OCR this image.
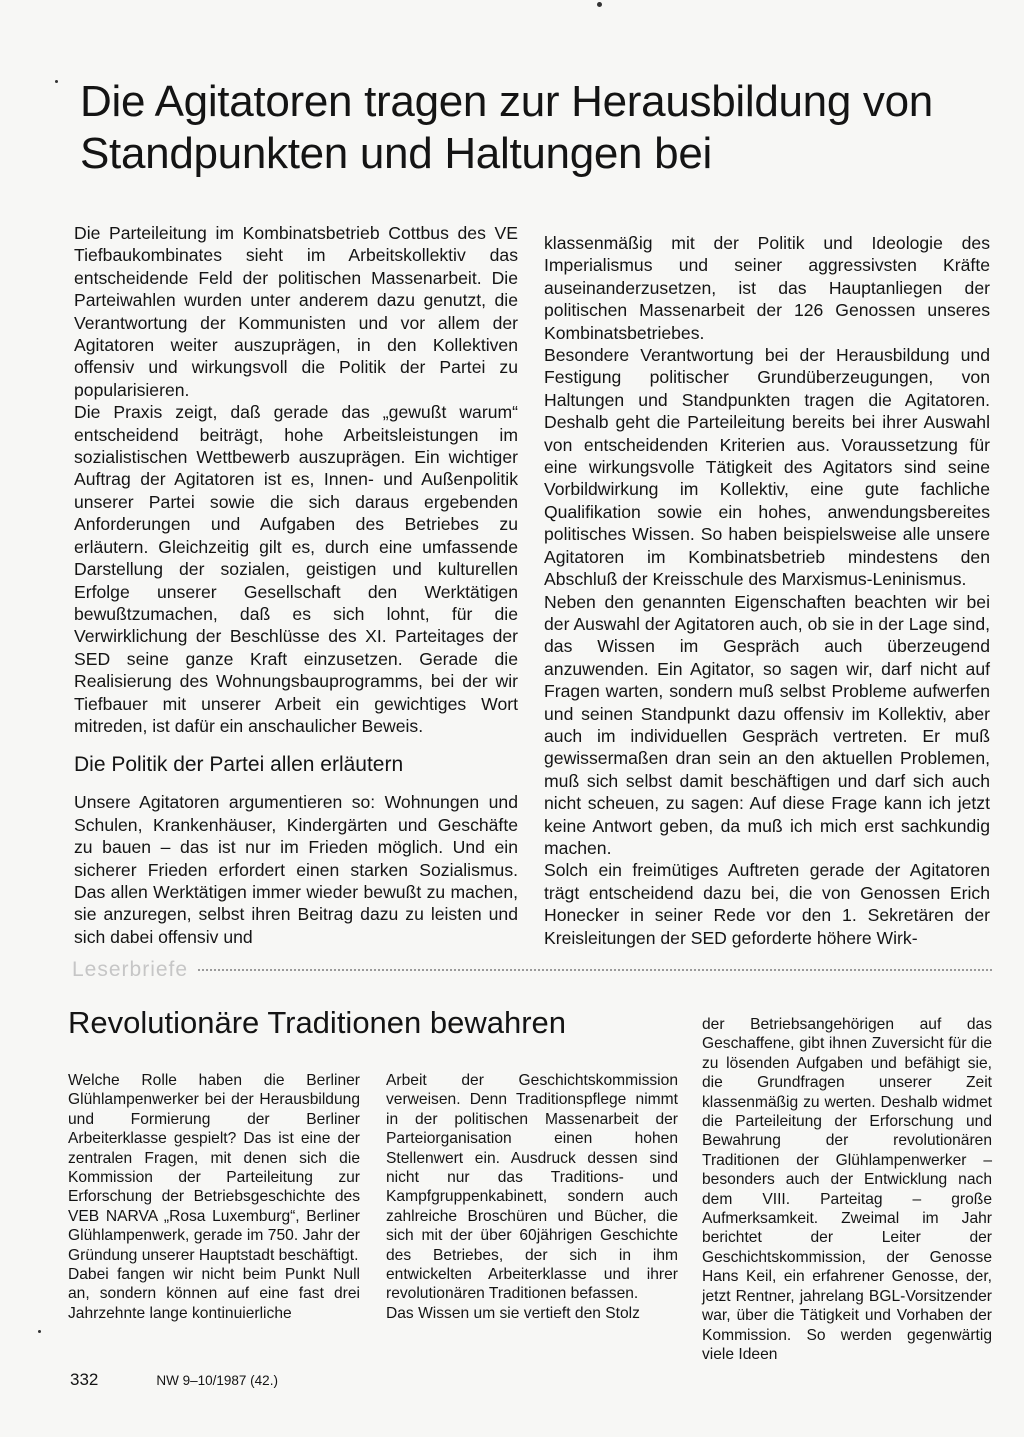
Die Agitatoren tragen zur Herausbildung von Standpunkten und Haltungen bei

Die Parteileitung im Kombinatsbetrieb Cottbus des VE Tiefbaukombinates sieht im Arbeitskollektiv das entscheidende Feld der politischen Massenarbeit. Die Parteiwahlen wurden unter anderem dazu genutzt, die Verantwortung der Kommunisten und vor allem der Agitatoren weiter auszuprägen, in den Kollektiven offensiv und wirkungsvoll die Politik der Partei zu popularisieren.

Die Praxis zeigt, daß gerade das „gewußt warum“ entscheidend beiträgt, hohe Arbeitsleistungen im sozialistischen Wettbewerb auszuprägen. Ein wichtiger Auftrag der Agitatoren ist es, Innen- und Außenpolitik unserer Partei sowie die sich daraus ergebenden Anforderungen und Aufgaben des Betriebes zu erläutern. Gleichzeitig gilt es, durch eine umfassende Darstellung der sozialen, geistigen und kulturellen Erfolge unserer Gesellschaft den Werktätigen bewußtzumachen, daß es sich lohnt, für die Verwirklichung der Beschlüsse des XI. Parteitages der SED seine ganze Kraft einzusetzen. Gerade die Realisierung des Wohnungsbauprogramms, bei der wir Tiefbauer mit unserer Arbeit ein gewichtiges Wort mitreden, ist dafür ein anschaulicher Beweis.

Die Politik der Partei allen erläutern

Unsere Agitatoren argumentieren so: Wohnungen und Schulen, Krankenhäuser, Kindergärten und Geschäfte zu bauen – das ist nur im Frieden möglich. Und ein sicherer Frieden erfordert einen starken Sozialismus. Das allen Werktätigen immer wieder bewußt zu machen, sie anzuregen, selbst ihren Beitrag dazu zu leisten und sich dabei offensiv und

klassenmäßig mit der Politik und Ideologie des Imperialismus und seiner aggressivsten Kräfte auseinanderzusetzen, ist das Hauptanliegen der politischen Massenarbeit der 126 Genossen unseres Kombinatsbetriebes.

Besondere Verantwortung bei der Herausbildung und Festigung politischer Grundüberzeugungen, von Haltungen und Standpunkten tragen die Agitatoren. Deshalb geht die Parteileitung bereits bei ihrer Auswahl von entscheidenden Kriterien aus. Voraussetzung für eine wirkungsvolle Tätigkeit des Agitators sind seine Vorbildwirkung im Kollektiv, eine gute fachliche Qualifikation sowie ein hohes, anwendungsbereites politisches Wissen. So haben beispielsweise alle unsere Agitatoren im Kombinatsbetrieb mindestens den Abschluß der Kreisschule des Marxismus-Leninismus.

Neben den genannten Eigenschaften beachten wir bei der Auswahl der Agitatoren auch, ob sie in der Lage sind, das Wissen im Gespräch auch überzeugend anzuwenden. Ein Agitator, so sagen wir, darf nicht auf Fragen warten, sondern muß selbst Probleme aufwerfen und seinen Standpunkt dazu offensiv im Kollektiv, aber auch im individuellen Gespräch vertreten. Er muß gewissermaßen dran sein an den aktuellen Problemen, muß sich selbst damit beschäftigen und darf sich auch nicht scheuen, zu sagen: Auf diese Frage kann ich jetzt keine Antwort geben, da muß ich mich erst sachkundig machen.

Solch ein freimütiges Auftreten gerade der Agitatoren trägt entscheidend dazu bei, die von Genossen Erich Honecker in seiner Rede vor den 1. Sekretären der Kreisleitungen der SED geforderte höhere Wirk-

Leserbriefe
Revolutionäre Traditionen bewahren

Welche Rolle haben die Berliner Glühlampenwerker bei der Herausbildung und Formierung der Berliner Arbeiterklasse gespielt? Das ist eine der zentralen Fragen, mit denen sich die Kommission der Parteileitung zur Erforschung der Betriebsgeschichte des VEB NARVA „Rosa Luxemburg“, Berliner Glühlampenwerk, gerade im 750. Jahr der Gründung unserer Hauptstadt beschäftigt.

Dabei fangen wir nicht beim Punkt Null an, sondern können auf eine fast drei Jahrzehnte lange kontinuierliche

Arbeit der Geschichtskommission verweisen. Denn Traditionspflege nimmt in der politischen Massenarbeit der Parteiorganisation einen hohen Stellenwert ein. Ausdruck dessen sind nicht nur das Traditions- und Kampfgruppenkabinett, sondern auch zahlreiche Broschüren und Bücher, die sich mit der über 60jährigen Geschichte des Betriebes, der sich in ihm entwickelten Arbeiterklasse und ihrer revolutionären Traditionen befassen.

Das Wissen um sie vertieft den Stolz

der Betriebsangehörigen auf das Geschaffene, gibt ihnen Zuversicht für die zu lösenden Aufgaben und befähigt sie, die Grundfragen unserer Zeit klassenmäßig zu werten. Deshalb widmet die Parteileitung der Erforschung und Bewahrung der revolutionären Traditionen der Glühlampenwerker – besonders auch der Entwicklung nach dem VIII. Parteitag – große Aufmerksamkeit. Zweimal im Jahr berichtet der Leiter der Geschichtskommission, der Genosse Hans Keil, ein erfahrener Genosse, der, jetzt Rentner, jahrelang BGL-Vorsitzender war, über die Tätigkeit und Vorhaben der Kommission. So werden gegenwärtig viele Ideen

332	NW 9–10/1987 (42.)
